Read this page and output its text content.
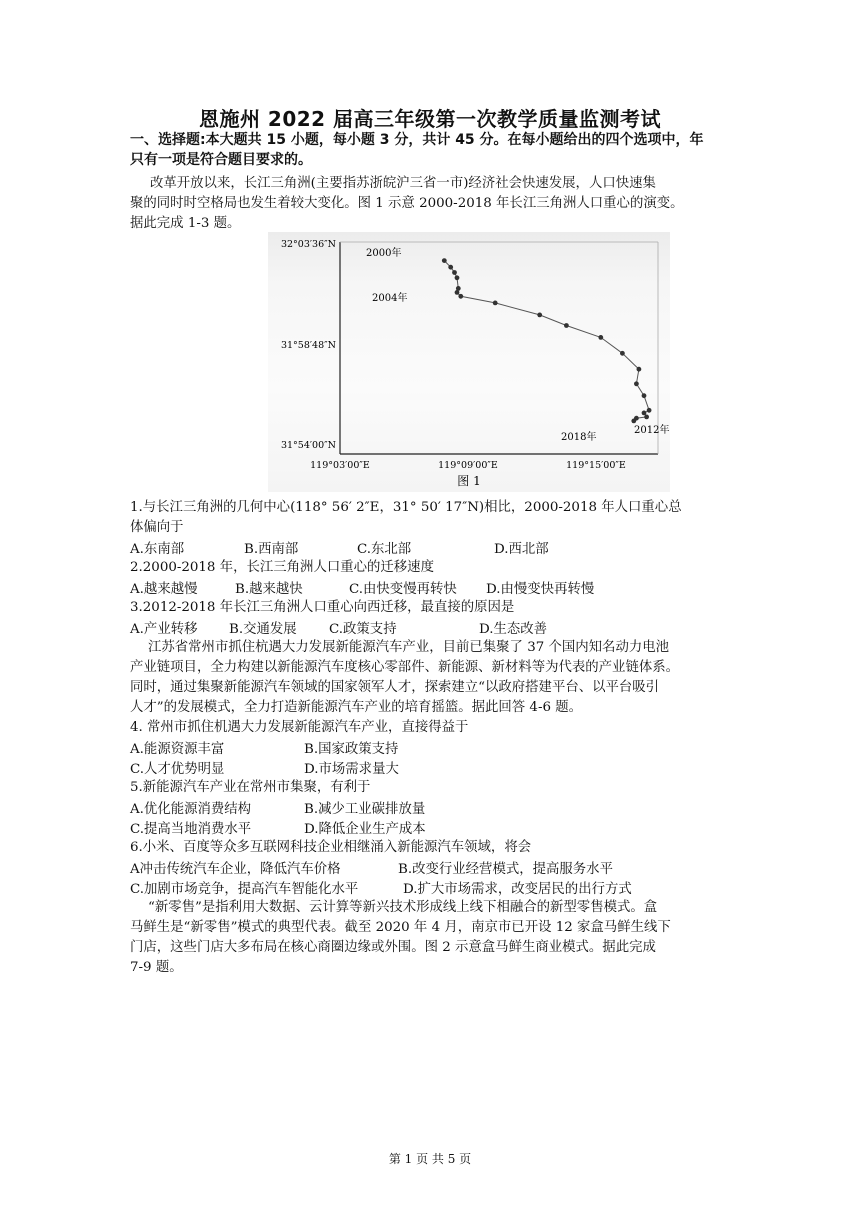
恩施州 2022 届高三年级第一次教学质量监测考试
一、选择题:本大题共 15 小题，每小题 3 分，共计 45 分。在每小题给出的四个选项中，年
只有一项是符合题目要求的。
改革开放以来，长江三角洲(主要指苏浙皖沪三省一市)经济社会快速发展，人口快速集
聚的同时时空格局也发生着较大变化。图 1 示意 2000-2018 年长江三角洲人口重心的演变。
据此完成 1-3 题。
32°03′36″N
31°58′48″N
31°54′00″N
119°03′00″E	119°09′00″E	119°15′00″E
2000年
2004年
2018年
2012年
图 1
1.与长江三角洲的几何中心(118° 56′ 2″E，31° 50′ 17″N)相比，2000-2018 年人口重心总
体偏向于
A.东南部	B.西南部	C.东北部	D.西北部
2.2000-2018 年，长江三角洲人口重心的迁移速度
A.越来越慢	B.越来越快	C.由快变慢再转快 D.由慢变快再转慢
3.2012-2018 年长江三角洲人口重心向西迁移，最直接的原因是
A.产业转移 B.交通发展 C.政策支持	D.生态改善
江苏省常州市抓住杭遇大力发展新能源汽车产业，目前已集聚了 37 个国内知名动力电池
产业链项目，全力构建以新能源汽车度核心零部件、新能源、新材料等为代表的产业链体系。
同时，通过集聚新能源汽车领域的国家领军人才，探索建立“以政府搭建平台、以平台吸引
人才”的发展模式，全力打造新能源汽车产业的培育摇篮。据此回答 4-6 题。
4. 常州市抓住机遇大力发展新能源汽车产业，直接得益于
A.能源资源丰富	B.国家政策支持
C.人才优势明显	D.市场需求量大
5.新能源汽车产业在常州市集聚，有利于
A.优化能源消费结构	B.减少工业碳排放量
C.提高当地消费水平	D.降低企业生产成本
6.小米、百度等众多互联网科技企业相继涌入新能源汽车领域，将会
A冲击传统汽车企业，降低汽车价格	B.改变行业经营模式，提高服务水平
C.加剧市场竞争，提高汽车智能化水平	D.扩大市场需求，改变居民的出行方式
“新零售”是指利用大数据、云计算等新兴技术形成线上线下相融合的新型零售模式。盒
马鲜生是“新零售”模式的典型代表。截至 2020 年 4 月，南京市已开设 12 家盒马鲜生线下
门店，这些门店大多布局在核心商圈边缘或外围。图 2 示意盒马鲜生商业模式。据此完成
7-9 题。
第 1 页 共 5 页
